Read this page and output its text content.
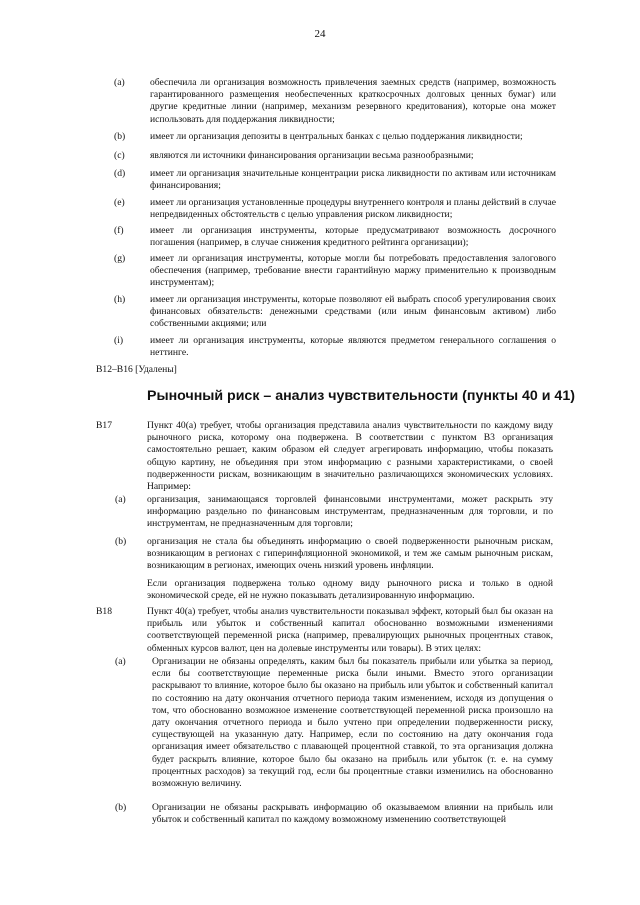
24
(a)	обеспечила ли организация возможность привлечения заемных средств (например, возможность гарантированного размещения необеспеченных краткосрочных долговых ценных бумаг) или другие кредитные линии (например, механизм резервного кредитования), которые она может использовать для поддержания ликвидности;
(b)	имеет ли организация депозиты в центральных банках с целью поддержания ликвидности;
(c)	являются ли источники финансирования организации весьма разнообразными;
(d)	имеет ли организация значительные концентрации риска ликвидности по активам или источникам финансирования;
(e)	имеет ли организация установленные процедуры внутреннего контроля и планы действий в случае непредвиденных обстоятельств с целью управления риском ликвидности;
(f)	имеет ли организация инструменты, которые предусматривают возможность досрочного погашения (например, в случае снижения кредитного рейтинга организации);
(g)	имеет ли организация инструменты, которые могли бы потребовать предоставления залогового обеспечения (например, требование внести гарантийную маржу применительно к производным инструментам);
(h)	имеет ли организация инструменты, которые позволяют ей выбрать способ урегулирования своих финансовых обязательств: денежными средствами (или иным финансовым активом) либо собственными акциями; или
(i)	имеет ли организация инструменты, которые являются предметом генерального соглашения о неттинге.
B12–B16 [Удалены]
Рыночный риск – анализ чувствительности (пункты 40 и 41)
B17	Пункт 40(a) требует, чтобы организация представила анализ чувствительности по каждому виду рыночного риска, которому она подвержена. В соответствии с пунктом B3 организация самостоятельно решает, каким образом ей следует агрегировать информацию, чтобы показать общую картину, не объединяя при этом информацию с разными характеристиками, о своей подверженности рискам, возникающим в значительно различающихся экономических условиях. Например:
(a) организация, занимающаяся торговлей финансовыми инструментами, может раскрыть эту информацию раздельно по финансовым инструментам, предназначенным для торговли, и по инструментам, не предназначенным для торговли;
(b) организация не стала бы объединять информацию о своей подверженности рыночным рискам, возникающим в регионах с гиперинфляционной экономикой, и тем же самым рыночным рискам, возникающим в регионах, имеющих очень низкий уровень инфляции.
Если организация подвержена только одному виду рыночного риска и только в одной экономической среде, ей не нужно показывать детализированную информацию.
B18	Пункт 40(a) требует, чтобы анализ чувствительности показывал эффект, который был бы оказан на прибыль или убыток и собственный капитал обоснованно возможными изменениями соответствующей переменной риска (например, превалирующих рыночных процентных ставок, обменных курсов валют, цен на долевые инструменты или товары). В этих целях:
(a)	Организации не обязаны определять, каким был бы показатель прибыли или убытка за период, если бы соответствующие переменные риска были иными. Вместо этого организации раскрывают то влияние, которое было бы оказано на прибыль или убыток и собственный капитал по состоянию на дату окончания отчетного периода таким изменением, исходя из допущения о том, что обоснованно возможное изменение соответствующей переменной риска произошло на дату окончания отчетного периода и было учтено при определении подверженности риску, существующей на указанную дату. Например, если по состоянию на дату окончания года организация имеет обязательство с плавающей процентной ставкой, то эта организация должна будет раскрыть влияние, которое было бы оказано на прибыль или убыток (т. е. на сумму процентных расходов) за текущий год, если бы процентные ставки изменились на обоснованно возможную величину.
(b)	Организации не обязаны раскрывать информацию об оказываемом влиянии на прибыль или убыток и собственный капитал по каждому возможному изменению соответствующей
